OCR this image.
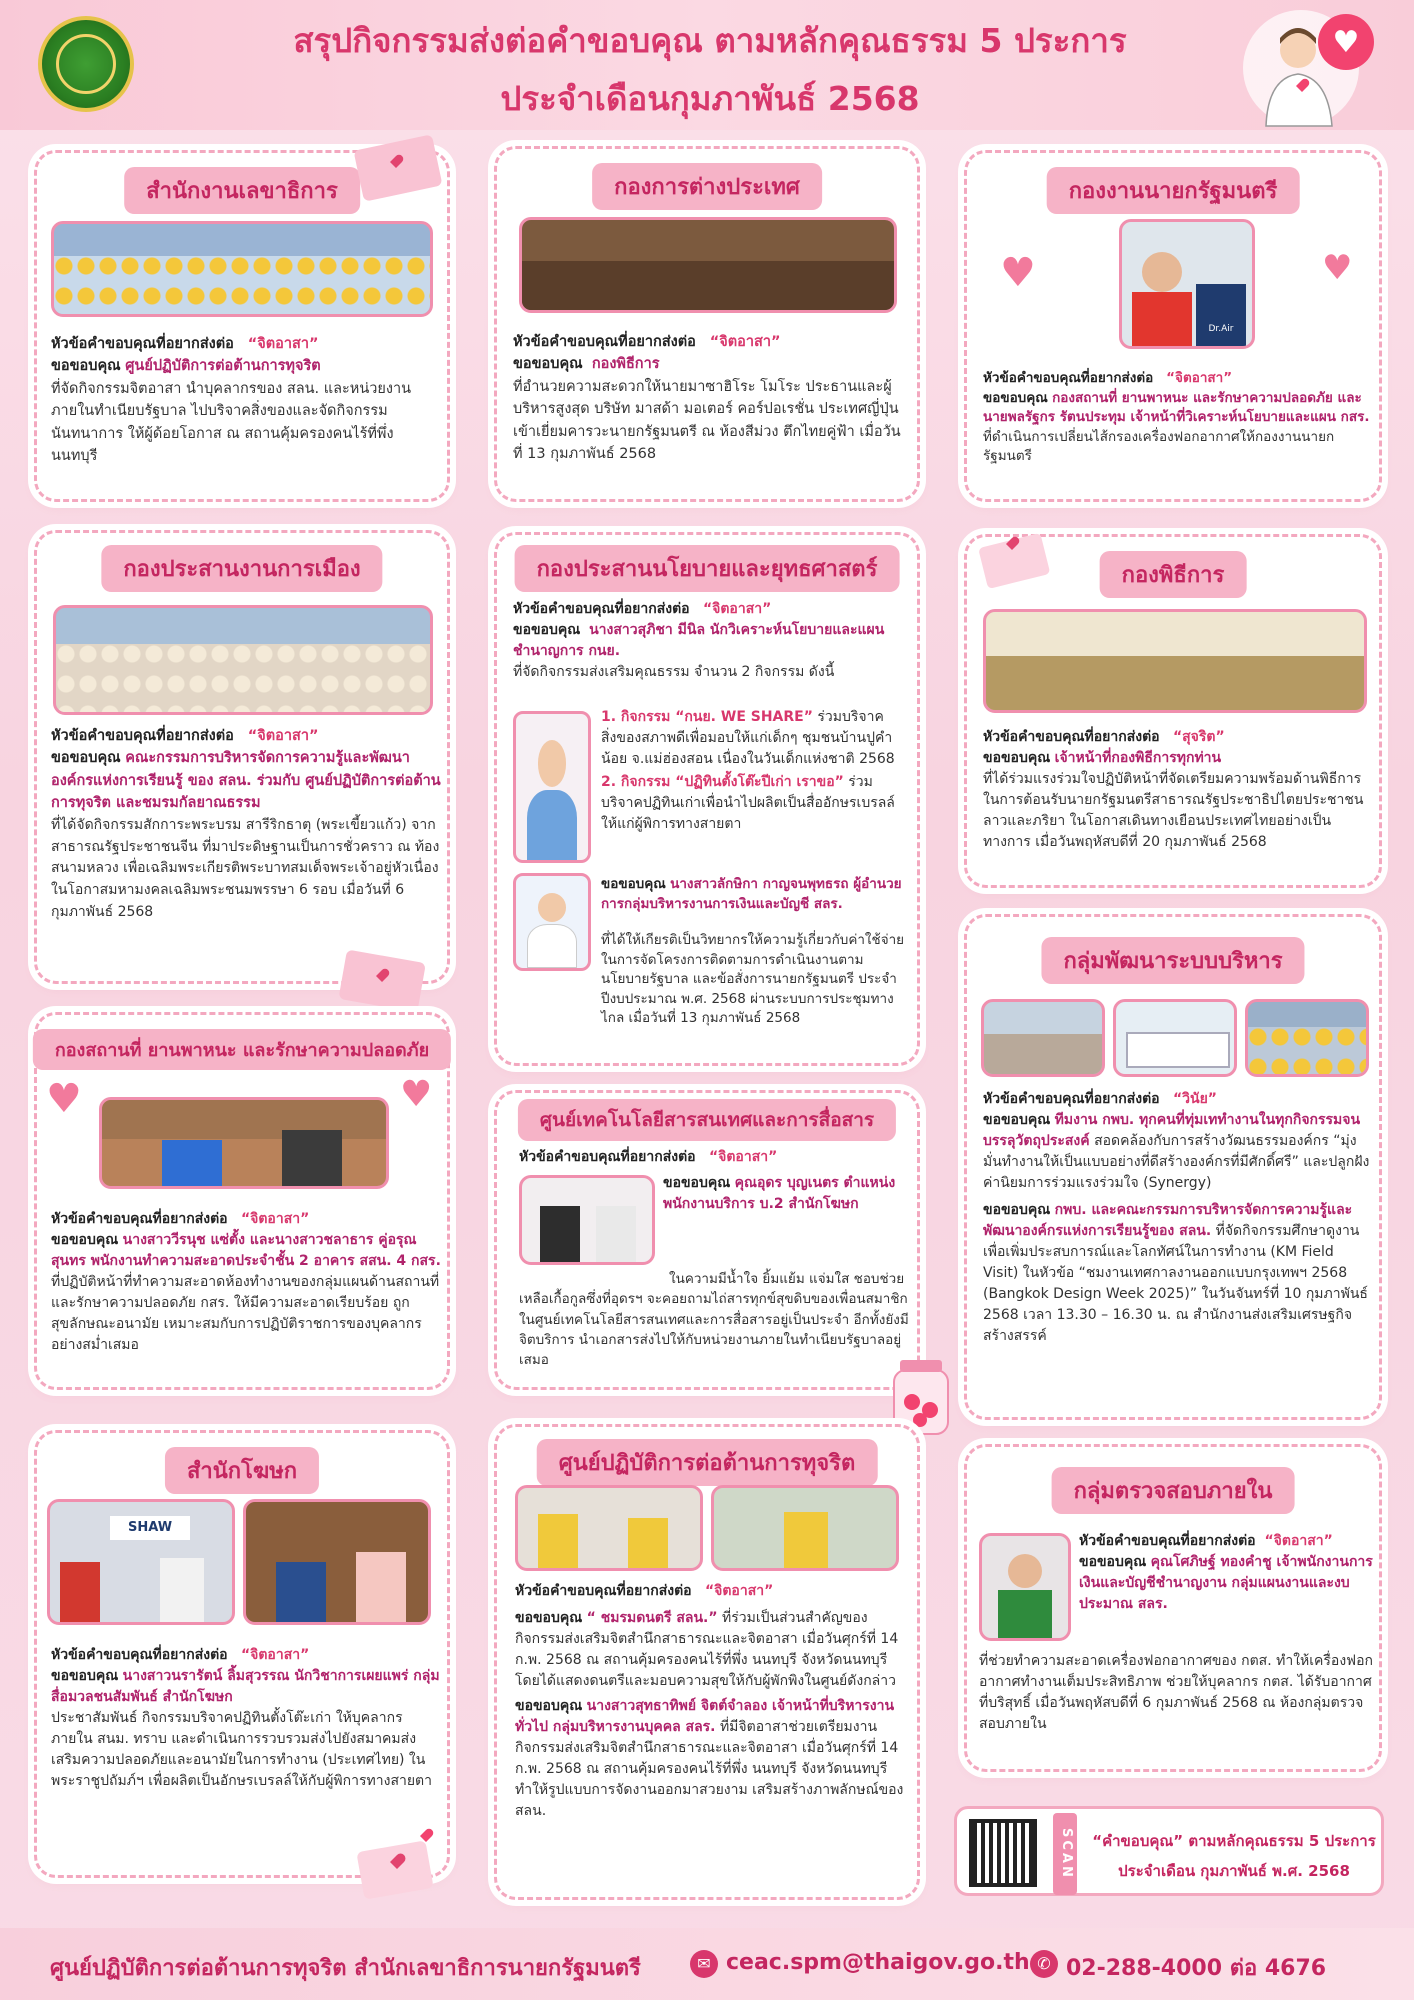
สรุปกิจกรรมส่งต่อคำขอบคุณ ตามหลักคุณธรรม 5 ประการ
ประจำเดือนกุมภาพันธ์ 2568
♥
สำนักงานเลขาธิการ
หัวข้อคำขอบคุณที่อยากส่งต่อ “จิตอาสา”
ขอขอบคุณ ศูนย์ปฏิบัติการต่อต้านการทุจริต
ที่จัดกิจกรรมจิตอาสา นำบุคลากรของ สลน. และหน่วยงานภายในทำเนียบรัฐบาล ไปบริจาคสิ่งของและจัดกิจกรรมนันทนาการ ให้ผู้ด้อยโอกาส ณ สถานคุ้มครองคนไร้ที่พึ่ง นนทบุรี
กองการต่างประเทศ
หัวข้อคำขอบคุณที่อยากส่งต่อ “จิตอาสา”
ขอขอบคุณ กองพิธีการ
ที่อำนวยความสะดวกให้นายมาซาฮิโระ โมโระ ประธานและผู้บริหารสูงสุด บริษัท มาสด้า มอเตอร์ คอร์ปอเรชั่น ประเทศญี่ปุ่น เข้าเยี่ยมคารวะนายกรัฐมนตรี ณ ห้องสีม่วง ตึกไทยคู่ฟ้า เมื่อวันที่ 13 กุมภาพันธ์ 2568
กองงานนายกรัฐมนตรี
Dr.Air
หัวข้อคำขอบคุณที่อยากส่งต่อ “จิตอาสา”
ขอขอบคุณ กองสถานที่ ยานพาหนะ และรักษาความปลอดภัย และ นายพลรัฐกร รัตนประทุม เจ้าหน้าที่วิเคราะห์นโยบายและแผน กสร.
ที่ดำเนินการเปลี่ยนไส้กรองเครื่องฟอกอากาศให้กองงานนายกรัฐมนตรี
♥	♥
กองประสานงานการเมือง
หัวข้อคำขอบคุณที่อยากส่งต่อ “จิตอาสา”
ขอขอบคุณ คณะกรรมการบริหารจัดการความรู้และพัฒนาองค์กรแห่งการเรียนรู้ ของ สลน. ร่วมกับ ศูนย์ปฏิบัติการต่อต้านการทุจริต และชมรมกัลยาณธรรม
ที่ได้จัดกิจกรรมสักการะพระบรม สารีริกธาตุ (พระเขี้ยวแก้ว) จากสาธารณรัฐประชาชนจีน ที่มาประดิษฐานเป็นการชั่วคราว ณ ท้องสนามหลวง เพื่อเฉลิมพระเกียรติพระบาทสมเด็จพระเจ้าอยู่หัวเนื่องในโอกาสมหามงคลเฉลิมพระชนมพรรษา 6 รอบ เมื่อวันที่ 6 กุมภาพันธ์ 2568
กองประสานนโยบายและยุทธศาสตร์
หัวข้อคำขอบคุณที่อยากส่งต่อ “จิตอาสา”
ขอขอบคุณ นางสาวสุภิชา มีนิล นักวิเคราะห์นโยบายและแผนชำนาญการ กนย.
ที่จัดกิจกรรมส่งเสริมคุณธรรม จำนวน 2 กิจกรรม ดังนี้
1. กิจกรรม “กนย. WE SHARE” ร่วมบริจาคสิ่งของสภาพดีเพื่อมอบให้แก่เด็กๆ ชุมชนบ้านปูคำน้อย จ.แม่ฮ่องสอน เนื่องในวันเด็กแห่งชาติ 2568
2. กิจกรรม “ปฏิทินตั้งโต๊ะปีเก่า เราขอ” ร่วมบริจาคปฏิทินเก่าเพื่อนำไปผลิตเป็นสื่ออักษรเบรลล์ให้แก่ผู้พิการทางสายตา
ขอขอบคุณ นางสาวลักษิกา กาญจนพุทธรถ ผู้อำนวยการกลุ่มบริหารงานการเงินและบัญชี สลร.
ที่ได้ให้เกียรติเป็นวิทยากรให้ความรู้เกี่ยวกับค่าใช้จ่ายในการจัดโครงการติดตามการดำเนินงานตามนโยบายรัฐบาล และข้อสั่งการนายกรัฐมนตรี ประจำปีงบประมาณ พ.ศ. 2568 ผ่านระบบการประชุมทางไกล เมื่อวันที่ 13 กุมภาพันธ์ 2568
กองพิธีการ
หัวข้อคำขอบคุณที่อยากส่งต่อ “สุจริต”
ขอขอบคุณ เจ้าหน้าที่กองพิธีการทุกท่าน
ที่ได้ร่วมแรงร่วมใจปฏิบัติหน้าที่จัดเตรียมความพร้อมด้านพิธีการในการต้อนรับนายกรัฐมนตรีสาธารณรัฐประชาธิปไตยประชาชนลาวและภริยา ในโอกาสเดินทางเยือนประเทศไทยอย่างเป็นทางการ เมื่อวันพฤหัสบดีที่ 20 กุมภาพันธ์ 2568
กองสถานที่ ยานพาหนะ และรักษาความปลอดภัย
หัวข้อคำขอบคุณที่อยากส่งต่อ “จิตอาสา”
ขอขอบคุณ นางสาววีรนุช แซ่ตั้ง และนางสาวชลาธาร คู่อรุณสุนทร พนักงานทำความสะอาดประจำชั้น 2 อาคาร สสน. 4 กสร.
ที่ปฏิบัติหน้าที่ทำความสะอาดห้องทำงานของกลุ่มแผนด้านสถานที่ และรักษาความปลอดภัย กสร. ให้มีความสะอาดเรียบร้อย ถูกสุขลักษณะอนามัย เหมาะสมกับการปฏิบัติราชการของบุคลากร อย่างสม่ำเสมอ
♥	♥
ศูนย์เทคโนโลยีสารสนเทศและการสื่อสาร
หัวข้อคำขอบคุณที่อยากส่งต่อ “จิตอาสา”
ขอขอบคุณ คุณอุดร บุญเนตร ตำแหน่ง พนักงานบริการ บ.2 สำนักโฆษก
ในความมีน้ำใจ ยิ้มแย้ม แจ่มใส ชอบช่วยเหลือเกื้อกูลซึ่งที่อุดรฯ จะคอยถามไถ่สารทุกข์สุขดิบของเพื่อนสมาชิกในศูนย์เทคโนโลยีสารสนเทศและการสื่อสารอยู่เป็นประจำ อีกทั้งยังมีจิตบริการ นำเอกสารส่งไปให้กับหน่วยงานภายในทำเนียบรัฐบาลอยู่เสมอ
กลุ่มพัฒนาระบบบริหาร
หัวข้อคำขอบคุณที่อยากส่งต่อ “วินัย”
ขอขอบคุณ ทีมงาน กพบ. ทุกคนที่ทุ่มเททำงานในทุกกิจกรรมจนบรรลุวัตถุประสงค์ สอดคล้องกับการสร้างวัฒนธรรมองค์กร “มุ่งมั่นทำงานให้เป็นแบบอย่างที่ดีสร้างองค์กรที่มีศักดิ์ศรี” และปลูกฝังค่านิยมการร่วมแรงร่วมใจ (Synergy)
ขอขอบคุณ กพบ. และคณะกรรมการบริหารจัดการความรู้และพัฒนาองค์กรแห่งการเรียนรู้ของ สลน. ที่จัดกิจกรรมศึกษาดูงานเพื่อเพิ่มประสบการณ์และโลกทัศน์ในการทำงาน (KM Field Visit) ในหัวข้อ “ชมงานเทศกาลงานออกแบบกรุงเทพฯ 2568 (Bangkok Design Week 2025)” ในวันจันทร์ที่ 10 กุมภาพันธ์ 2568 เวลา 13.30 – 16.30 น. ณ สำนักงานส่งเสริมเศรษฐกิจสร้างสรรค์
สำนักโฆษก
SHAW
หัวข้อคำขอบคุณที่อยากส่งต่อ “จิตอาสา”
ขอขอบคุณ นางสาวนรารัตน์ ลิ้มสุวรรณ นักวิชาการเผยแพร่ กลุ่มสื่อมวลชนสัมพันธ์ สำนักโฆษก
ประชาสัมพันธ์ กิจกรรมบริจาคปฏิทินตั้งโต๊ะเก่า ให้บุคลากรภายใน สนม. ทราบ และดำเนินการรวบรวมส่งไปยังสมาคมส่งเสริมความปลอดภัยและอนามัยในการทำงาน (ประเทศไทย) ในพระราชูปถัมภ์ฯ เพื่อผลิตเป็นอักษรเบรลล์ให้กับผู้พิการทางสายตา
ศูนย์ปฏิบัติการต่อต้านการทุจริต
หัวข้อคำขอบคุณที่อยากส่งต่อ “จิตอาสา”
ขอขอบคุณ “ ชมรมดนตรี สลน.” ที่ร่วมเป็นส่วนสำคัญของกิจกรรมส่งเสริมจิตสำนึกสาธารณะและจิตอาสา เมื่อวันศุกร์ที่ 14 ก.พ. 2568 ณ สถานคุ้มครองคนไร้ที่พึ่ง นนทบุรี จังหวัดนนทบุรี โดยได้แสดงดนตรีและมอบความสุขให้กับผู้พักพิงในศูนย์ดังกล่าว
ขอขอบคุณ นางสาวสุทธาทิพย์ จิตต์จำลอง เจ้าหน้าที่บริหารงานทั่วไป กลุ่มบริหารงานบุคคล สลร. ที่มีจิตอาสาช่วยเตรียมงานกิจกรรมส่งเสริมจิตสำนึกสาธารณะและจิตอาสา เมื่อวันศุกร์ที่ 14 ก.พ. 2568 ณ สถานคุ้มครองคนไร้ที่พึ่ง นนทบุรี จังหวัดนนทบุรี ทำให้รูปแบบการจัดงานออกมาสวยงาม เสริมสร้างภาพลักษณ์ของ สลน.
กลุ่มตรวจสอบภายใน
หัวข้อคำขอบคุณที่อยากส่งต่อ “จิตอาสา”
ขอขอบคุณ คุณโศภิษฐ์ ทองคำชู เจ้าพนักงานการเงินและบัญชีชำนาญงาน กลุ่มแผนงานและงบประมาณ สลร.
ที่ช่วยทำความสะอาดเครื่องฟอกอากาศของ กตส. ทำให้เครื่องฟอกอากาศทำงานเต็มประสิทธิภาพ ช่วยให้บุคลากร กตส. ได้รับอากาศที่บริสุทธิ์ เมื่อวันพฤหัสบดีที่ 6 กุมภาพันธ์ 2568 ณ ห้องกลุ่มตรวจสอบภายใน
SCAN “คำขอบคุณ” ตามหลักคุณธรรม 5 ประการ
ประจำเดือน กุมภาพันธ์ พ.ศ. 2568
ศูนย์ปฏิบัติการต่อต้านการทุจริต สำนักเลขาธิการนายกรัฐมนตรี	✉ ceac.spm@thaigov.go.th ✆ 02-288-4000 ต่อ 4676
